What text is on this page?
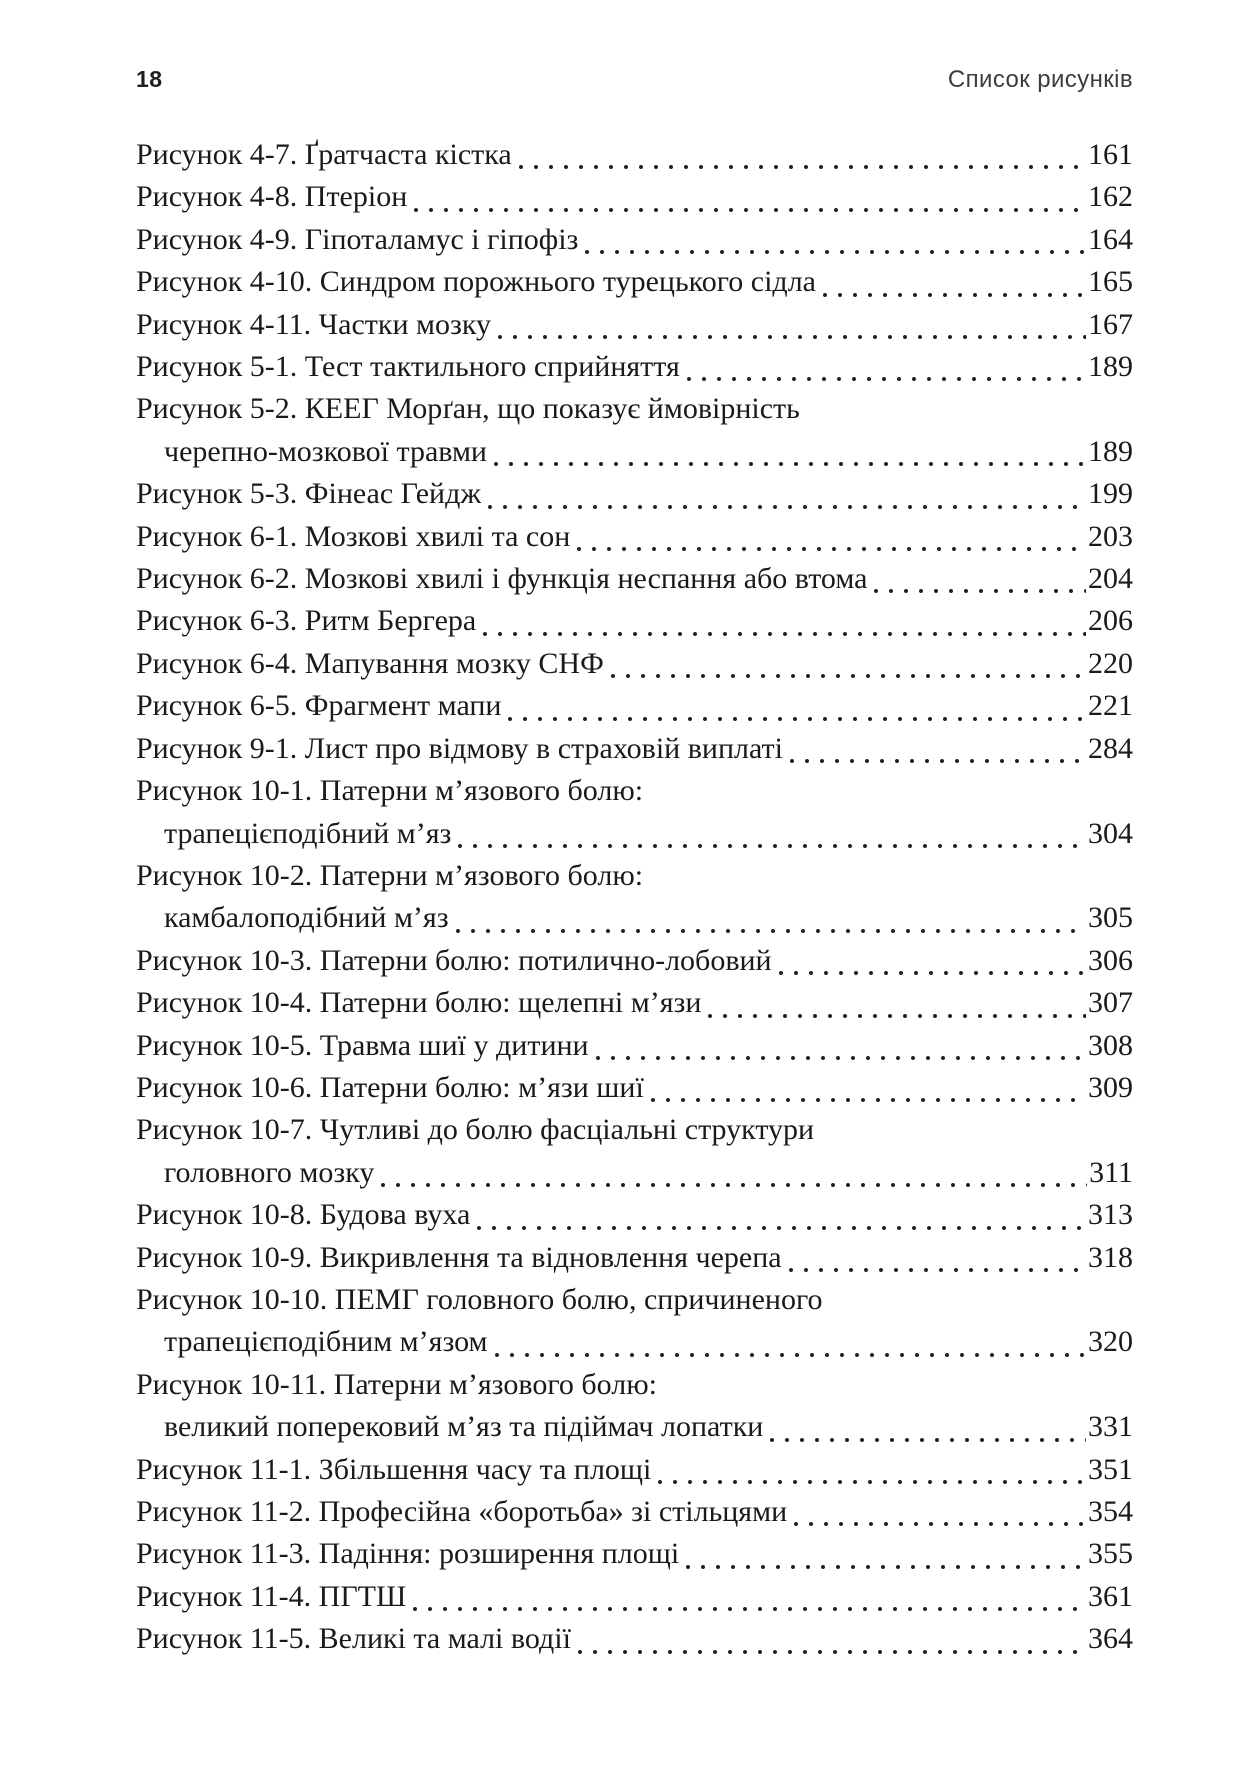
18	Список рисунків
Рисунок 4-7. Ґратчаста кістка	161
Рисунок 4-8. Птеріон	162
Рисунок 4-9. Гіпоталамус і гіпофіз	164
Рисунок 4-10. Синдром порожнього турецького сідла	165
Рисунок 4-11. Частки мозку	167
Рисунок 5-1. Тест тактильного сприйняття	189
Рисунок 5-2. КЕЕГ Морґан, що показує ймовірність
черепно-мозкової травми	189
Рисунок 5-3. Фінеас Гейдж	199
Рисунок 6-1. Мозкові хвилі та сон	203
Рисунок 6-2. Мозкові хвилі і функція неспання або втома	204
Рисунок 6-3. Ритм Бергера	206
Рисунок 6-4. Мапування мозку СНФ	220
Рисунок 6-5. Фрагмент мапи	221
Рисунок 9-1. Лист про відмову в страховій виплаті	284
Рисунок 10-1. Патерни м’язового болю:
трапецієподібний м’яз	304
Рисунок 10-2. Патерни м’язового болю:
камбалоподібний м’яз	305
Рисунок 10-3. Патерни болю: потилично-лобовий	306
Рисунок 10-4. Патерни болю: щелепні м’язи	307
Рисунок 10-5. Травма шиї у дитини	308
Рисунок 10-6. Патерни болю: м’язи шиї	309
Рисунок 10-7. Чутливі до болю фасціальні структури
головного мозку	311
Рисунок 10-8. Будова вуха	313
Рисунок 10-9. Викривлення та відновлення черепа	318
Рисунок 10-10. ПЕМГ головного болю, спричиненого
трапецієподібним м’язом	320
Рисунок 10-11. Патерни м’язового болю:
великий поперековий м’яз та підіймач лопатки	331
Рисунок 11-1. Збільшення часу та площі	351
Рисунок 11-2. Професійна «боротьба» зі стільцями	354
Рисунок 11-3. Падіння: розширення площі	355
Рисунок 11-4. ПГТШ	361
Рисунок 11-5. Великі та малі водії	364
